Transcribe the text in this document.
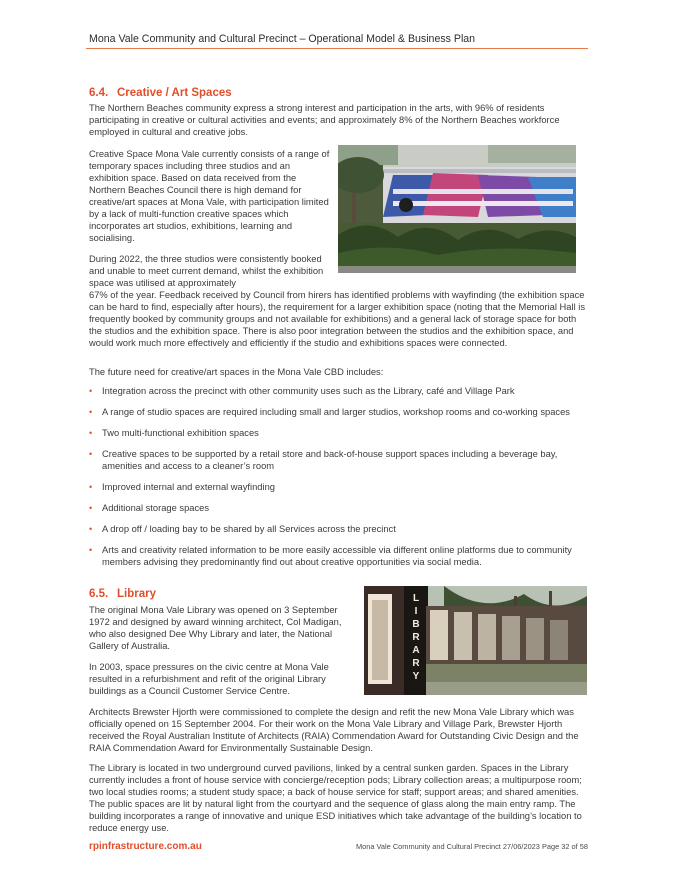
Mona Vale Community and Cultural Precinct – Operational Model & Business Plan
6.4. Creative / Art Spaces

The Northern Beaches community express a strong interest and participation in the arts, with 96% of residents participating in creative or cultural activities and events; and approximately 8% of the Northern Beaches workforce employed in cultural and creative jobs.

Creative Space Mona Vale currently consists of a range of temporary spaces including three studios and an exhibition space. Based on data received from the Northern Beaches Council there is high demand for creative/art spaces at Mona Vale, with participation limited by a lack of multi-function creative spaces which incorporates art studios, exhibitions, learning and socialising.

During 2022, the three studios were consistently booked and unable to meet current demand, whilst the exhibition space was utilised at approximately

67% of the year. Feedback received by Council from hirers has identified problems with wayfinding (the exhibition space can be hard to find, especially after hours), the requirement for a larger exhibition space (noting that the Memorial Hall is frequently booked by community groups and not available for exhibitions) and a general lack of storage space for both the studios and the exhibition space. There is also poor integration between the studios and the exhibition space, and would work much more effectively and efficiently if the studio and exhibitions spaces were connected.

The future need for creative/art spaces in the Mona Vale CBD includes:

• Integration across the precinct with other community uses such as the Library, café and Village Park
• A range of studio spaces are required including small and larger studios, workshop rooms and co-working spaces
• Two multi-functional exhibition spaces
• Creative spaces to be supported by a retail store and back-of-house support spaces including a beverage bay, amenities and access to a cleaner’s room
• Improved internal and external wayfinding
• Additional storage spaces
• A drop off / loading bay to be shared by all Services across the precinct
• Arts and creativity related information to be more easily accessible via different online platforms due to community members advising they predominantly find out about creative opportunities via social media.
6.5. Library

The original Mona Vale Library was opened on 3 September 1972 and designed by award winning architect, Col Madigan, who also designed Dee Why Library and later, the National Gallery of Australia.

In 2003, space pressures on the civic centre at Mona Vale resulted in a refurbishment and refit of the original Library buildings as a Council Customer Service Centre.

Architects Brewster Hjorth were commissioned to complete the design and refit the new Mona Vale Library which was officially opened on 15 September 2004. For their work on the Mona Vale Library and Village Park, Brewster Hjorth received the Royal Australian Institute of Architects (RAIA) Commendation Award for Outstanding Civic Design and the RAIA Commendation Award for Environmentally Sustainable Design.

The Library is located in two underground curved pavilions, linked by a central sunken garden. Spaces in the Library currently includes a front of house service with concierge/reception pods; Library collection areas; a multipurpose room; two local studies rooms; a student study space; a back of house service for staff; support areas; and shared amenities. The public spaces are lit by natural light from the courtyard and the sequence of glass along the main entry ramp. The building incorporates a range of innovative and unique ESD initiatives which take advantage of the building’s location to reduce energy use.

L
I
B
R
A
R
Y
rpinfrastructure.com.au	Mona Vale Community and Cultural Precinct 27/06/2023 Page 32 of 58
